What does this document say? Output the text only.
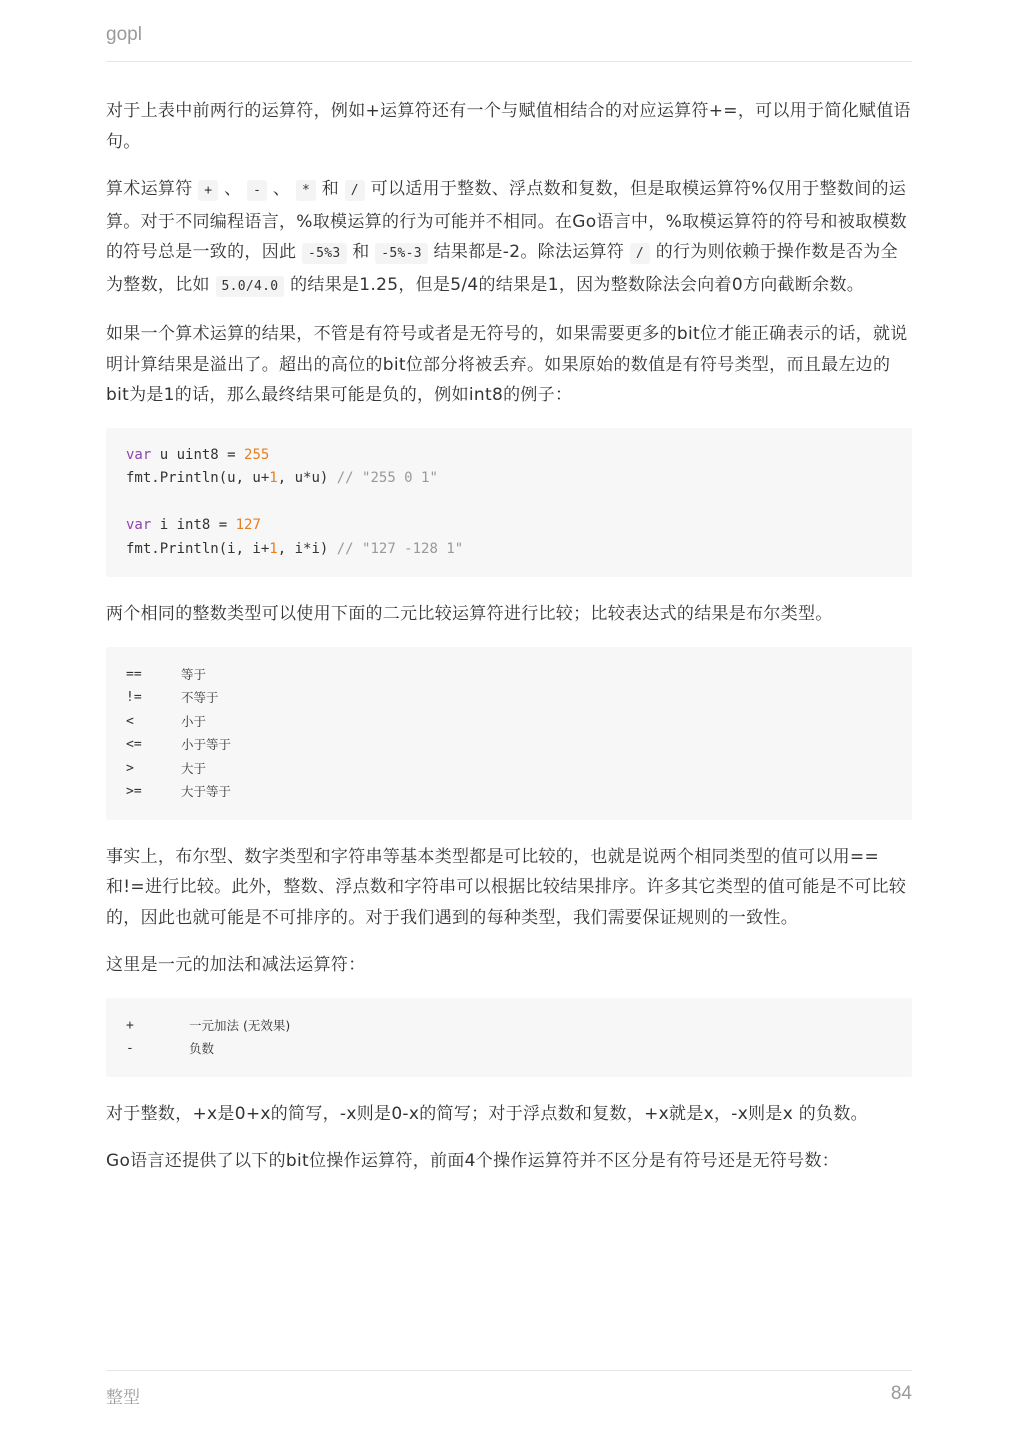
gopl

对于上表中前两行的运算符，例如+运算符还有一个与赋值相结合的对应运算符+=，可以用于简化赋值语句。

算术运算符 + 、 - 、 * 和 / 可以适用于整数、浮点数和复数，但是取模运算符%仅用于整数间的运算。对于不同编程语言，%取模运算的行为可能并不相同。在Go语言中，%取模运算符的符号和被取模数的符号总是一致的，因此 -5%3 和 -5%-3 结果都是-2。除法运算符 / 的行为则依赖于操作数是否为全为整数，比如 5.0/4.0 的结果是1.25，但是5/4的结果是1，因为整数除法会向着0方向截断余数。

如果一个算术运算的结果，不管是有符号或者是无符号的，如果需要更多的bit位才能正确表示的话，就说明计算结果是溢出了。超出的高位的bit位部分将被丢弃。如果原始的数值是有符号类型，而且最左边的bit为是1的话，那么最终结果可能是负的，例如int8的例子：

var u uint8 = 255
fmt.Println(u, u+1, u*u) // "255 0 1"

var i int8 = 127
fmt.Println(i, i+1, i*i) // "127 -128 1"

两个相同的整数类型可以使用下面的二元比较运算符进行比较；比较表达式的结果是布尔类型。

==	等于
!=	不等于
<	小于
<=	小于等于
>	大于
>=	大于等于

事实上，布尔型、数字类型和字符串等基本类型都是可比较的，也就是说两个相同类型的值可以用==和!=进行比较。此外，整数、浮点数和字符串可以根据比较结果排序。许多其它类型的值可能是不可比较的，因此也就可能是不可排序的。对于我们遇到的每种类型，我们需要保证规则的一致性。

这里是一元的加法和减法运算符：

+	一元加法 (无效果)
-	负数

对于整数，+x是0+x的简写，-x则是0-x的简写；对于浮点数和复数，+x就是x，-x则是x 的负数。

Go语言还提供了以下的bit位操作运算符，前面4个操作运算符并不区分是有符号还是无符号数：

整型	84
